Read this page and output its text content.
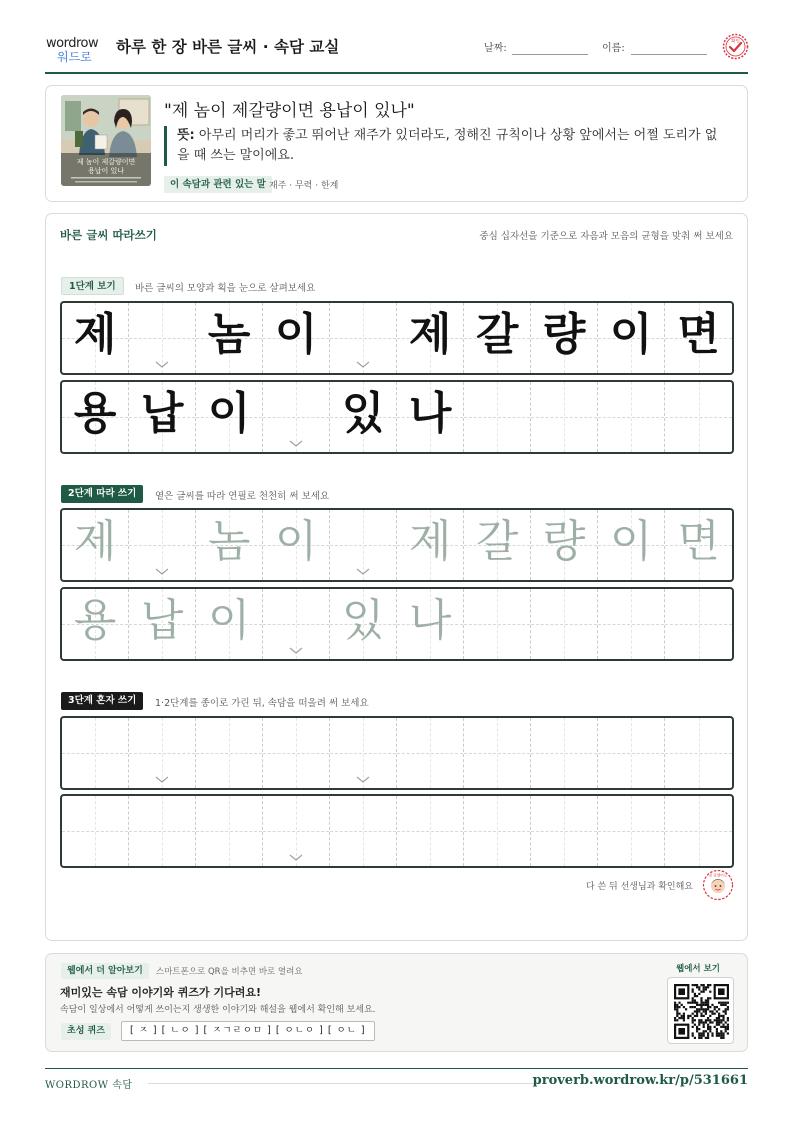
wordrow
워드로
하루 한 장 바른 글씨 · 속담 교실	날짜:	이름:
확인
제 놈이 제갈량이면
용납이 있나
"제 놈이 제갈량이면 용납이 있나"
뜻: 아무리 머리가 좋고 뛰어난 재주가 있더라도, 정해진 규칙이나 상황 앞에서는 어쩔 도리가 없을 때 쓰는 말이에요.
이 속담과 관련 있는 말 재주 · 무력 · 한계
바른 글씨 따라쓰기	중심 십자선을 기준으로 자음과 모음의 균형을 맞춰 써 보세요
1단계 보기	바른 글씨의 모양과 획을 눈으로 살펴보세요
제 놈 이 제 갈 량 이 면
용 납 이 있 나
2단계 따라 쓰기	옅은 글씨를 따라 연필로 천천히 써 보세요
제 놈 이 제 갈 량 이 면
용 납 이 있 나
3단계 혼자 쓰기	1·2단계를 종이로 가린 뒤, 속담을 떠올려 써 보세요
다 쓴 뒤 선생님과 확인해요
참 잘했어요
웹에서 더 알아보기	스마트폰으로 QR을 비추면 바로 열려요
재미있는 속담 이야기와 퀴즈가 기다려요!
속담이 일상에서 어떻게 쓰이는지 생생한 이야기와 해설을 웹에서 확인해 보세요.
초성 퀴즈	[ ㅈ ] [ ㄴㅇ ] [ ㅈㄱㄹㅇㅁ ] [ ㅇㄴㅇ ] [ ㅇㄴ ]
웹에서 보기
WORDROW 속담	proverb.wordrow.kr/p/531661
